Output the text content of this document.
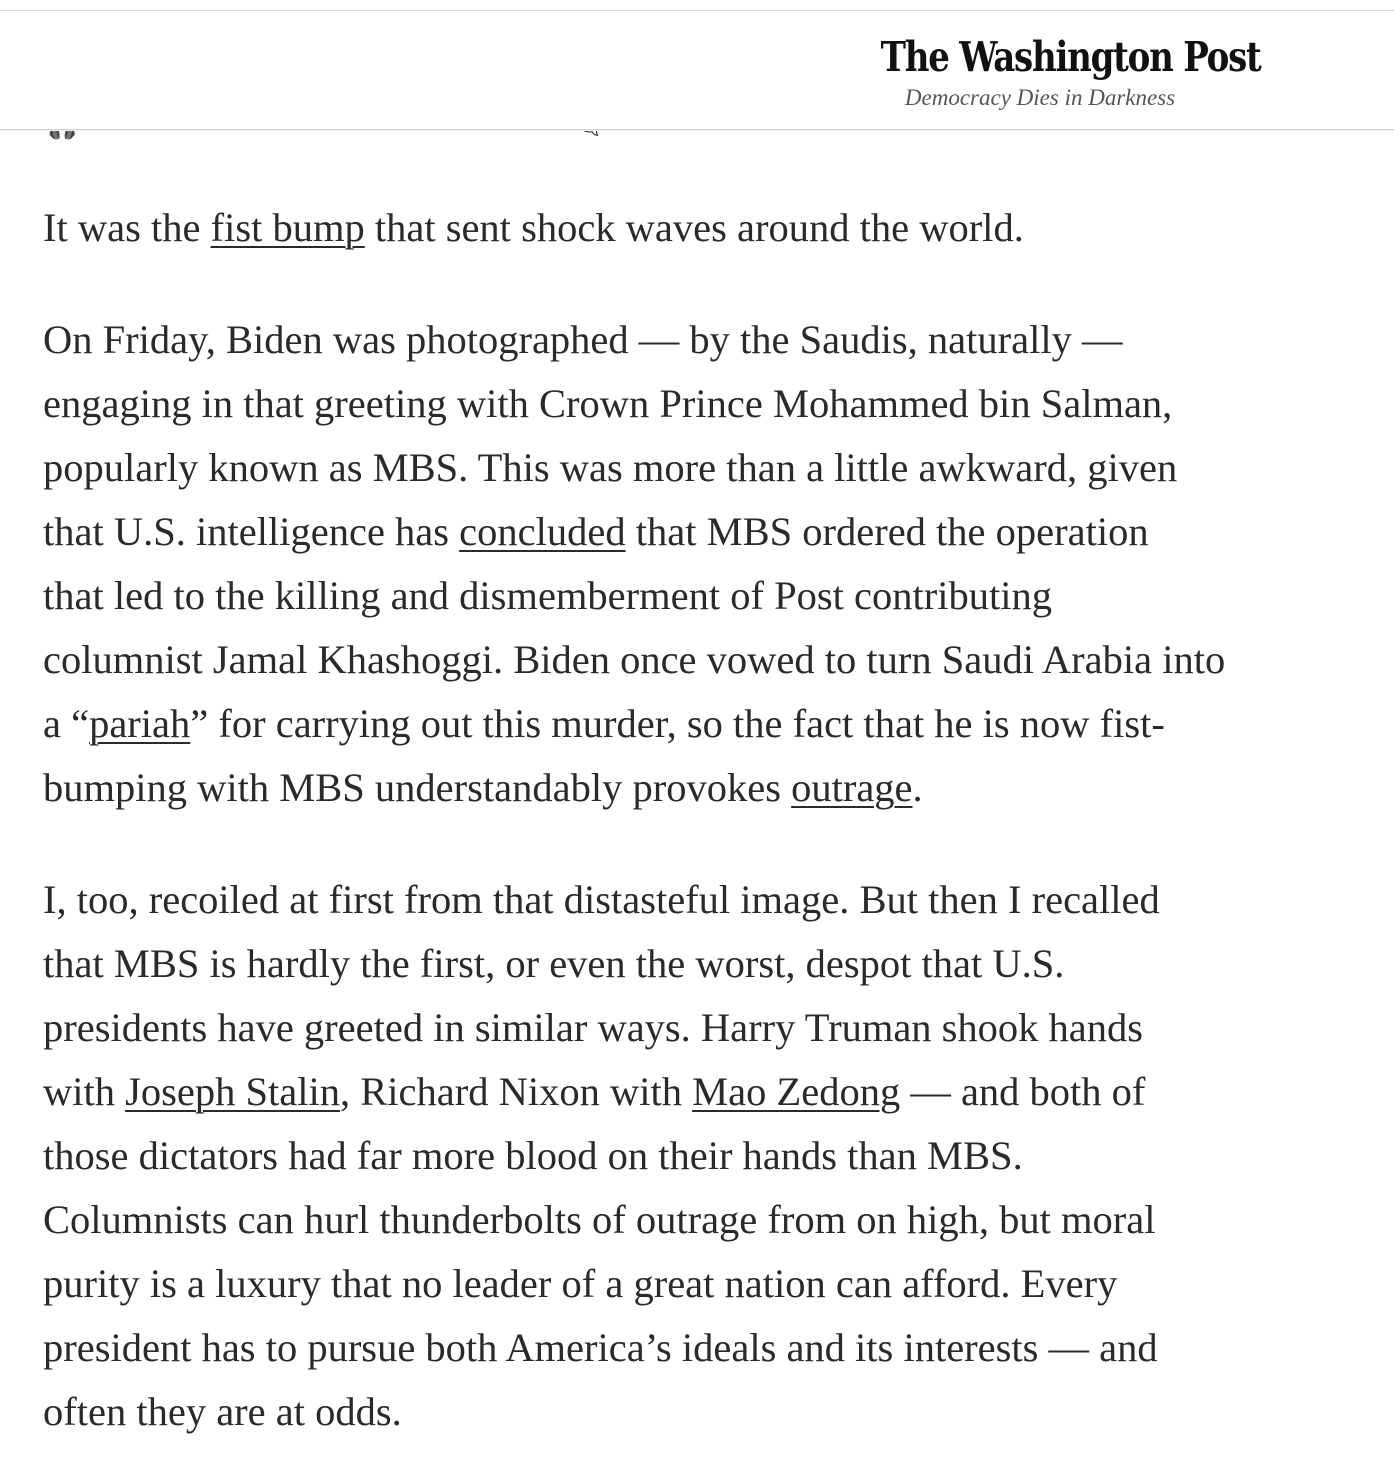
The Washington Post
Democracy Dies in Darkness

It was the fist bump that sent shock waves around the world.

On Friday, Biden was photographed — by the Saudis, naturally —
engaging in that greeting with Crown Prince Mohammed bin Salman,
popularly known as MBS. This was more than a little awkward, given
that U.S. intelligence has concluded that MBS ordered the operation
that led to the killing and dismemberment of Post contributing
columnist Jamal Khashoggi. Biden once vowed to turn Saudi Arabia into
a “pariah” for carrying out this murder, so the fact that he is now fist-
bumping with MBS understandably provokes outrage.

I, too, recoiled at first from that distasteful image. But then I recalled
that MBS is hardly the first, or even the worst, despot that U.S.
presidents have greeted in similar ways. Harry Truman shook hands
with Joseph Stalin, Richard Nixon with Mao Zedong — and both of
those dictators had far more blood on their hands than MBS.
Columnists can hurl thunderbolts of outrage from on high, but moral
purity is a luxury that no leader of a great nation can afford. Every
president has to pursue both America’s ideals and its interests — and
often they are at odds.
